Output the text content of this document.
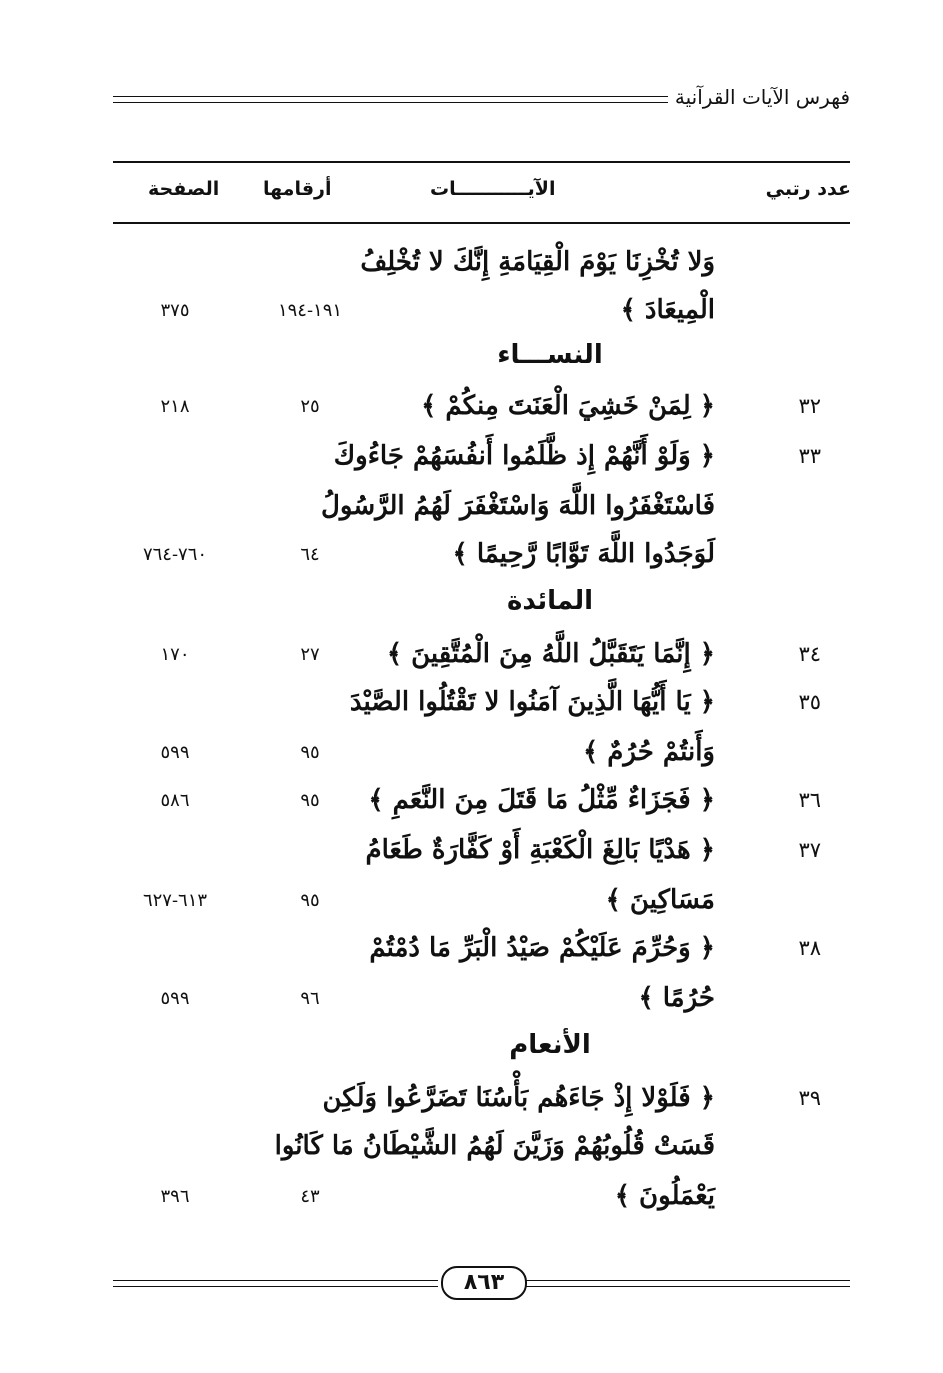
فهرس الآيات القرآنية
عدد رتبي
الآيـــــــــــات
أرقامها
الصفحة
وَلا تُخْزِنَا يَوْمَ الْقِيَامَةِ إِنَّكَ لا تُخْلِفُ
الْمِيعَادَ ﴾
١٩١-١٩٤
٣٧٥
النســـاء
٣٢
﴿ لِمَنْ خَشِيَ الْعَنَتَ مِنكُمْ ﴾
٢٥
٢١٨
٣٣
﴿ وَلَوْ أَنَّهُمْ إِذ ظَّلَمُوا أَنفُسَهُمْ جَاءُوكَ
فَاسْتَغْفَرُوا اللَّهَ وَاسْتَغْفَرَ لَهُمُ الرَّسُولُ
لَوَجَدُوا اللَّهَ تَوَّابًا رَّحِيمًا ﴾
٦٤
٧٦٠-٧٦٤
المائدة
٣٤
﴿ إِنَّمَا يَتَقَبَّلُ اللَّهُ مِنَ الْمُتَّقِينَ ﴾
٢٧
١٧٠
٣٥
﴿ يَا أَيُّهَا الَّذِينَ آمَنُوا لا تَقْتُلُوا الصَّيْدَ
وَأَنتُمْ حُرُمٌ ﴾
٩٥
٥٩٩
٣٦
﴿ فَجَزَاءٌ مِّثْلُ مَا قَتَلَ مِنَ النَّعَمِ ﴾
٩٥
٥٨٦
٣٧
﴿ هَدْيًا بَالِغَ الْكَعْبَةِ أَوْ كَفَّارَةٌ طَعَامُ
مَسَاكِينَ ﴾
٩٥
٦١٣-٦٢٧
٣٨
﴿ وَحُرِّمَ عَلَيْكُمْ صَيْدُ الْبَرِّ مَا دُمْتُمْ
حُرُمًا ﴾
٩٦
٥٩٩
الأنعام
٣٩
﴿ فَلَوْلا إِذْ جَاءَهُم بَأْسُنَا تَضَرَّعُوا وَلَكِن
قَسَتْ قُلُوبُهُمْ وَزَيَّنَ لَهُمُ الشَّيْطَانُ مَا كَانُوا
يَعْمَلُونَ ﴾
٤٣
٣٩٦
٨٦٣
